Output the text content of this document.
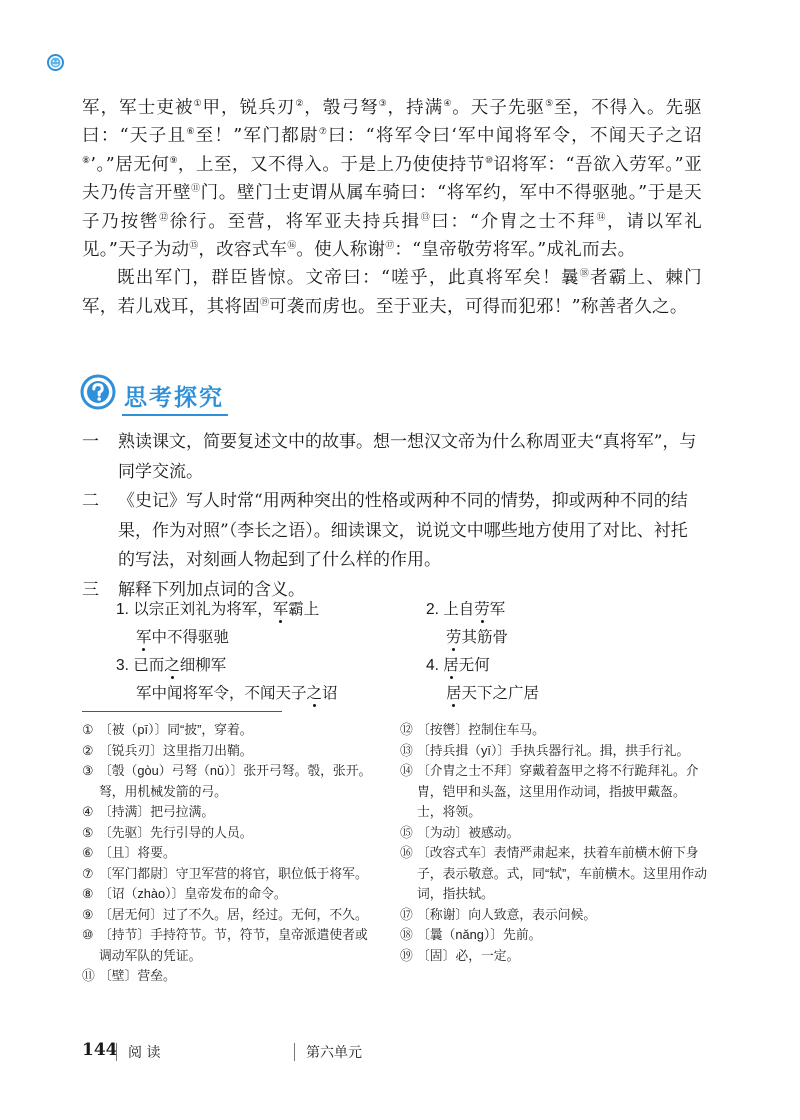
军，军士吏被①甲，锐兵刃②，彀弓弩③，持满④。天子先驱⑤至，不得入。先驱曰：“天子且⑥至！”军门都尉⑦曰：“将军令曰‘军中闻将军令，不闻天子之诏⑧’。”居无何⑨，上至，又不得入。于是上乃使使持节⑩诏将军：“吾欲入劳军。”亚夫乃传言开壁⑪门。壁门士吏谓从属车骑曰：“将军约，军中不得驱驰。”于是天子乃按辔⑫徐行。至营，将军亚夫持兵揖⑬曰：“介胄之士不拜⑭，请以军礼见。”天子为动⑮，改容式车⑯。使人称谢⑰：“皇帝敬劳将军。”成礼而去。

既出军门，群臣皆惊。文帝曰：“嗟乎，此真将军矣！曩⑱者霸上、棘门军，若儿戏耳，其将固⑲可袭而虏也。至于亚夫，可得而犯邪！”称善者久之。

思考探究

一 熟读课文，简要复述文中的故事。想一想汉文帝为什么称周亚夫“真将军”，与同学交流。

二 《史记》写人时常“用两种突出的性格或两种不同的情势，抑或两种不同的结果，作为对照”（李长之语）。细读课文，说说文中哪些地方使用了对比、衬托的写法，对刻画人物起到了什么样的作用。

三 解释下列加点词的含义。

1. 以宗正刘礼为将军，军霸上
军中不得驱驰
2. 上自劳军
劳其筋骨
3. 已而之细柳军
军中闻将军令，不闻天子之诏
4. 居无何
居天下之广居
① 〔被（pī）〕同“披”，穿着。
② 〔锐兵刃〕这里指刀出鞘。
③ 〔彀（gòu）弓弩（nǔ）〕张开弓弩。彀，张开。弩，用机械发箭的弓。
④ 〔持满〕把弓拉满。
⑤ 〔先驱〕先行引导的人员。
⑥ 〔且〕将要。
⑦ 〔军门都尉〕守卫军营的将官，职位低于将军。
⑧ 〔诏（zhào）〕皇帝发布的命令。
⑨ 〔居无何〕过了不久。居，经过。无何，不久。
⑩ 〔持节〕手持符节。节，符节，皇帝派遣使者或调动军队的凭证。
⑪ 〔壁〕营垒。
⑫ 〔按辔〕控制住车马。
⑬ 〔持兵揖（yī）〕手执兵器行礼。揖，拱手行礼。
⑭ 〔介胄之士不拜〕穿戴着盔甲之将不行跪拜礼。介胄，铠甲和头盔，这里用作动词，指披甲戴盔。士，将领。
⑮ 〔为动〕被感动。
⑯ 〔改容式车〕表情严肃起来，扶着车前横木俯下身子，表示敬意。式，同“轼”，车前横木。这里用作动词，指扶轼。
⑰ 〔称谢〕向人致意，表示问候。
⑱ 〔曩（nǎng）〕先前。
⑲ 〔固〕必，一定。
144 阅 读	第六单元
